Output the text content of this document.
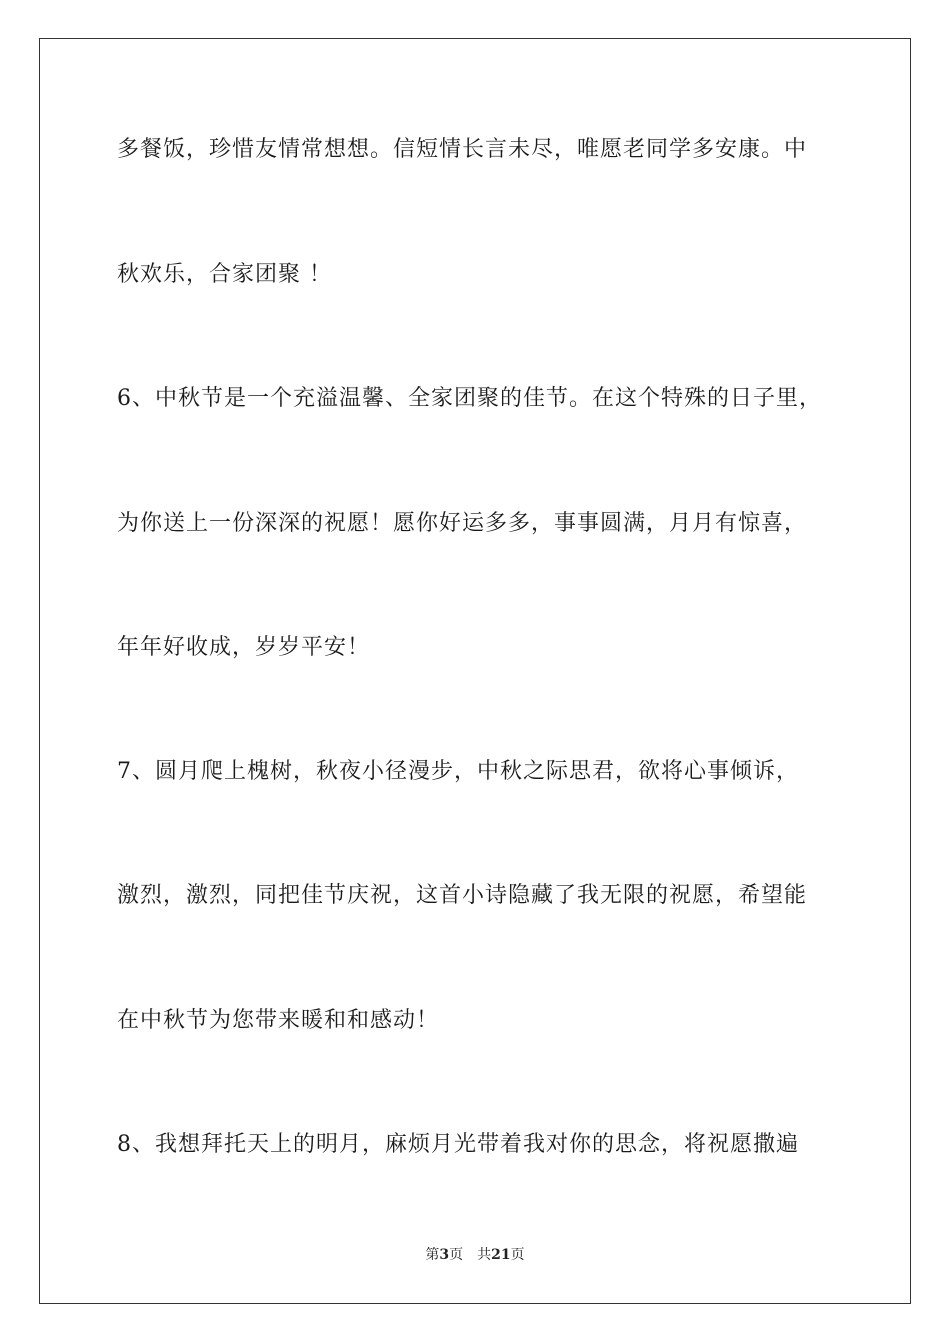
多餐饭，珍惜友情常想想。信短情长言未尽，唯愿老同学多安康。中
秋欢乐，合家团聚 ！
6、中秋节是一个充溢温馨、全家团聚的佳节。在这个特殊的日子里，
为你送上一份深深的祝愿！愿你好运多多，事事圆满，月月有惊喜，
年年好收成，岁岁平安！
7、圆月爬上槐树，秋夜小径漫步，中秋之际思君，欲将心事倾诉，
激烈，激烈，同把佳节庆祝，这首小诗隐藏了我无限的祝愿，希望能
在中秋节为您带来暖和和感动！
8、我想拜托天上的明月，麻烦月光带着我对你的思念，将祝愿撒遍
第3页 共21页
